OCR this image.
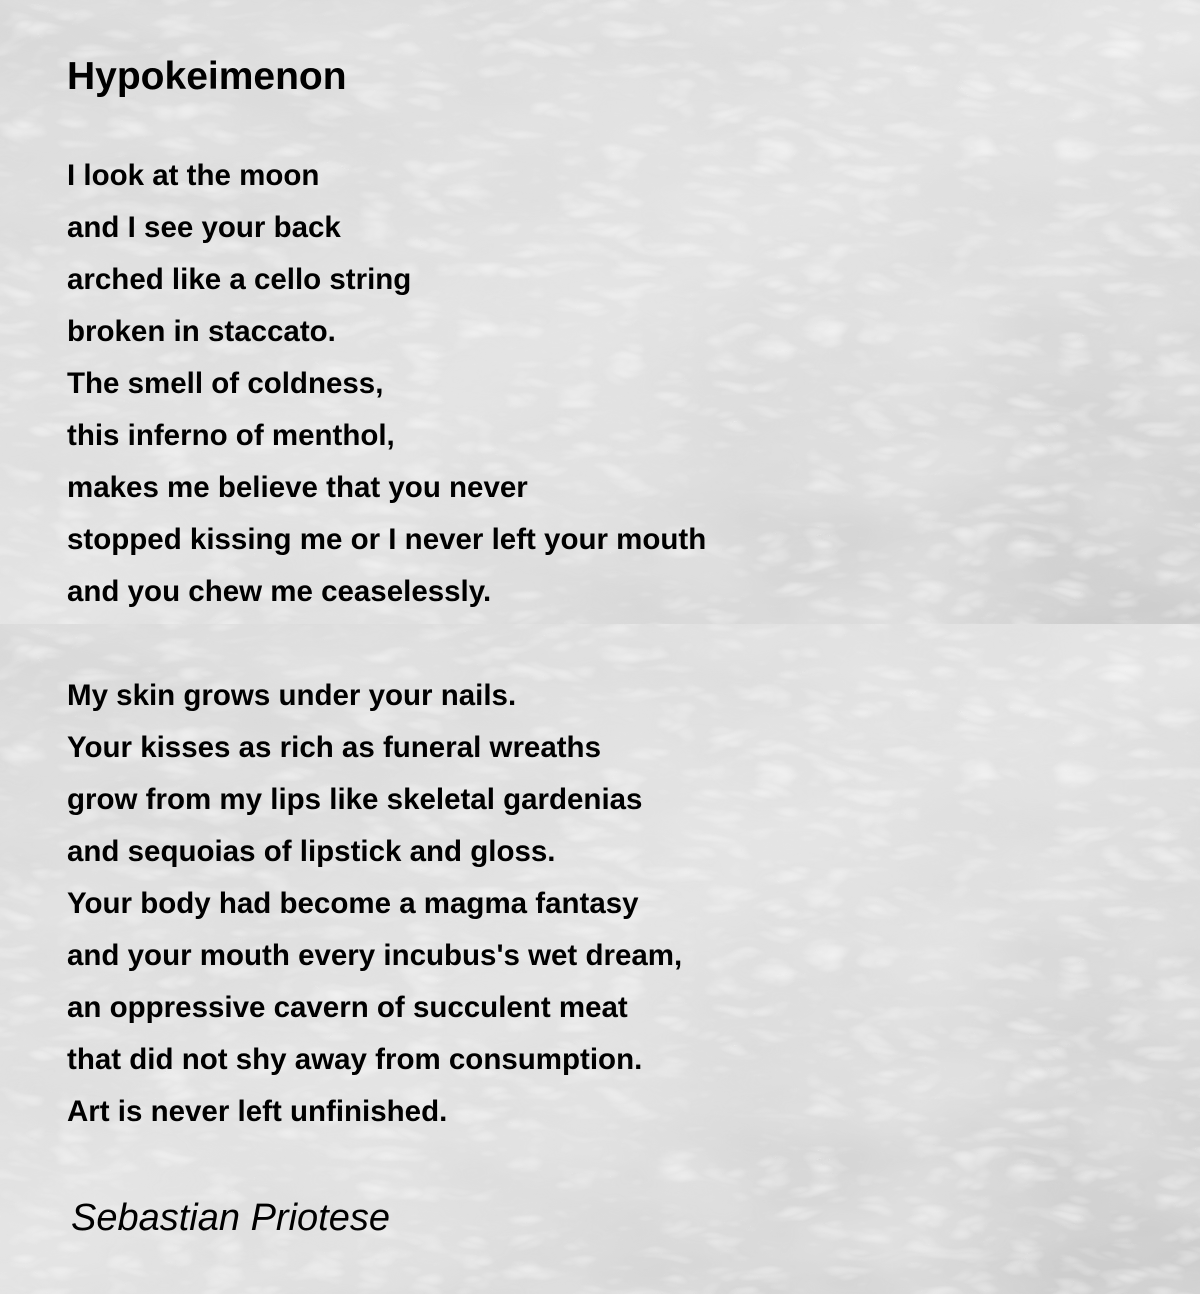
Hypokeimenon
I look at the moon
and I see your back
arched like a cello string
broken in staccato.
The smell of coldness,
this inferno of menthol,
makes me believe that you never
stopped kissing me or I never left your mouth
and you chew me ceaselessly.
My skin grows under your nails.
Your kisses as rich as funeral wreaths
grow from my lips like skeletal gardenias
and sequoias of lipstick and gloss.
Your body had become a magma fantasy
and your mouth every incubus's wet dream,
an oppressive cavern of succulent meat
that did not shy away from consumption.
Art is never left unfinished.

Sebastian Priotese
